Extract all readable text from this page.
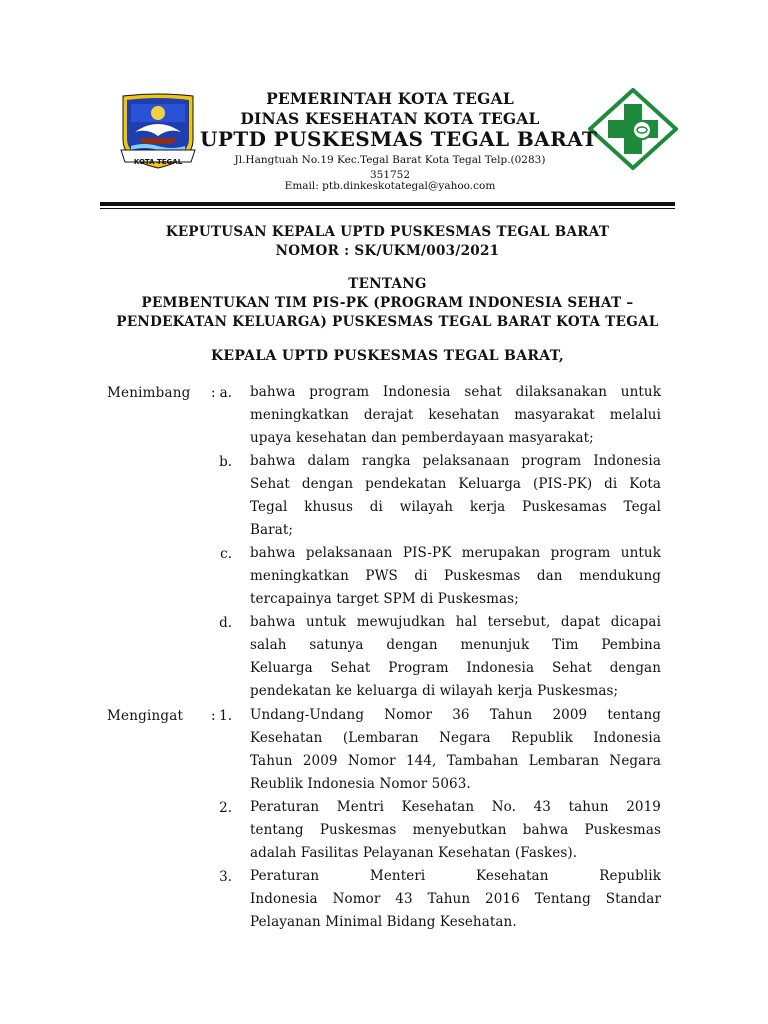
KOTA TEGAL
PEMERINTAH KOTA TEGAL
DINAS KESEHATAN KOTA TEGAL
UPTD PUSKESMAS TEGAL BARAT
Jl.Hangtuah No.19 Kec.Tegal Barat Kota Tegal Telp.(0283)
351752
Email: ptb.dinkeskotategal@yahoo.com
KEPUTUSAN KEPALA UPTD PUSKESMAS TEGAL BARAT
NOMOR : SK/UKM/003/2021
TENTANG
PEMBENTUKAN TIM PIS-PK (PROGRAM INDONESIA SEHAT –
PENDEKATAN KELUARGA) PUSKESMAS TEGAL BARAT KOTA TEGAL
KEPALA UPTD PUSKESMAS TEGAL BARAT,
Menimbang : a. bahwa program Indonesia sehat dilaksanakan untuk
meningkatkan derajat kesehatan masyarakat melalui
upaya kesehatan dan pemberdayaan masyarakat;
b. bahwa dalam rangka pelaksanaan program Indonesia
Sehat dengan pendekatan Keluarga (PIS-PK) di Kota
Tegal khusus di wilayah kerja Puskesamas Tegal
Barat;
c. bahwa pelaksanaan PIS-PK merupakan program untuk
meningkatkan PWS di Puskesmas dan mendukung
tercapainya target SPM di Puskesmas;
d. bahwa untuk mewujudkan hal tersebut, dapat dicapai
salah satunya dengan menunjuk Tim Pembina
Keluarga Sehat Program Indonesia Sehat dengan
pendekatan ke keluarga di wilayah kerja Puskesmas;
Mengingat : 1. Undang-Undang Nomor 36 Tahun 2009 tentang
Kesehatan (Lembaran Negara Republik Indonesia
Tahun 2009 Nomor 144, Tambahan Lembaran Negara
Reublik Indonesia Nomor 5063.
2. Peraturan Mentri Kesehatan No. 43 tahun 2019
tentang Puskesmas menyebutkan bahwa Puskesmas
adalah Fasilitas Pelayanan Kesehatan (Faskes).
3. Peraturan Menteri Kesehatan Republik
Indonesia Nomor 43 Tahun 2016 Tentang Standar
Pelayanan Minimal Bidang Kesehatan.
